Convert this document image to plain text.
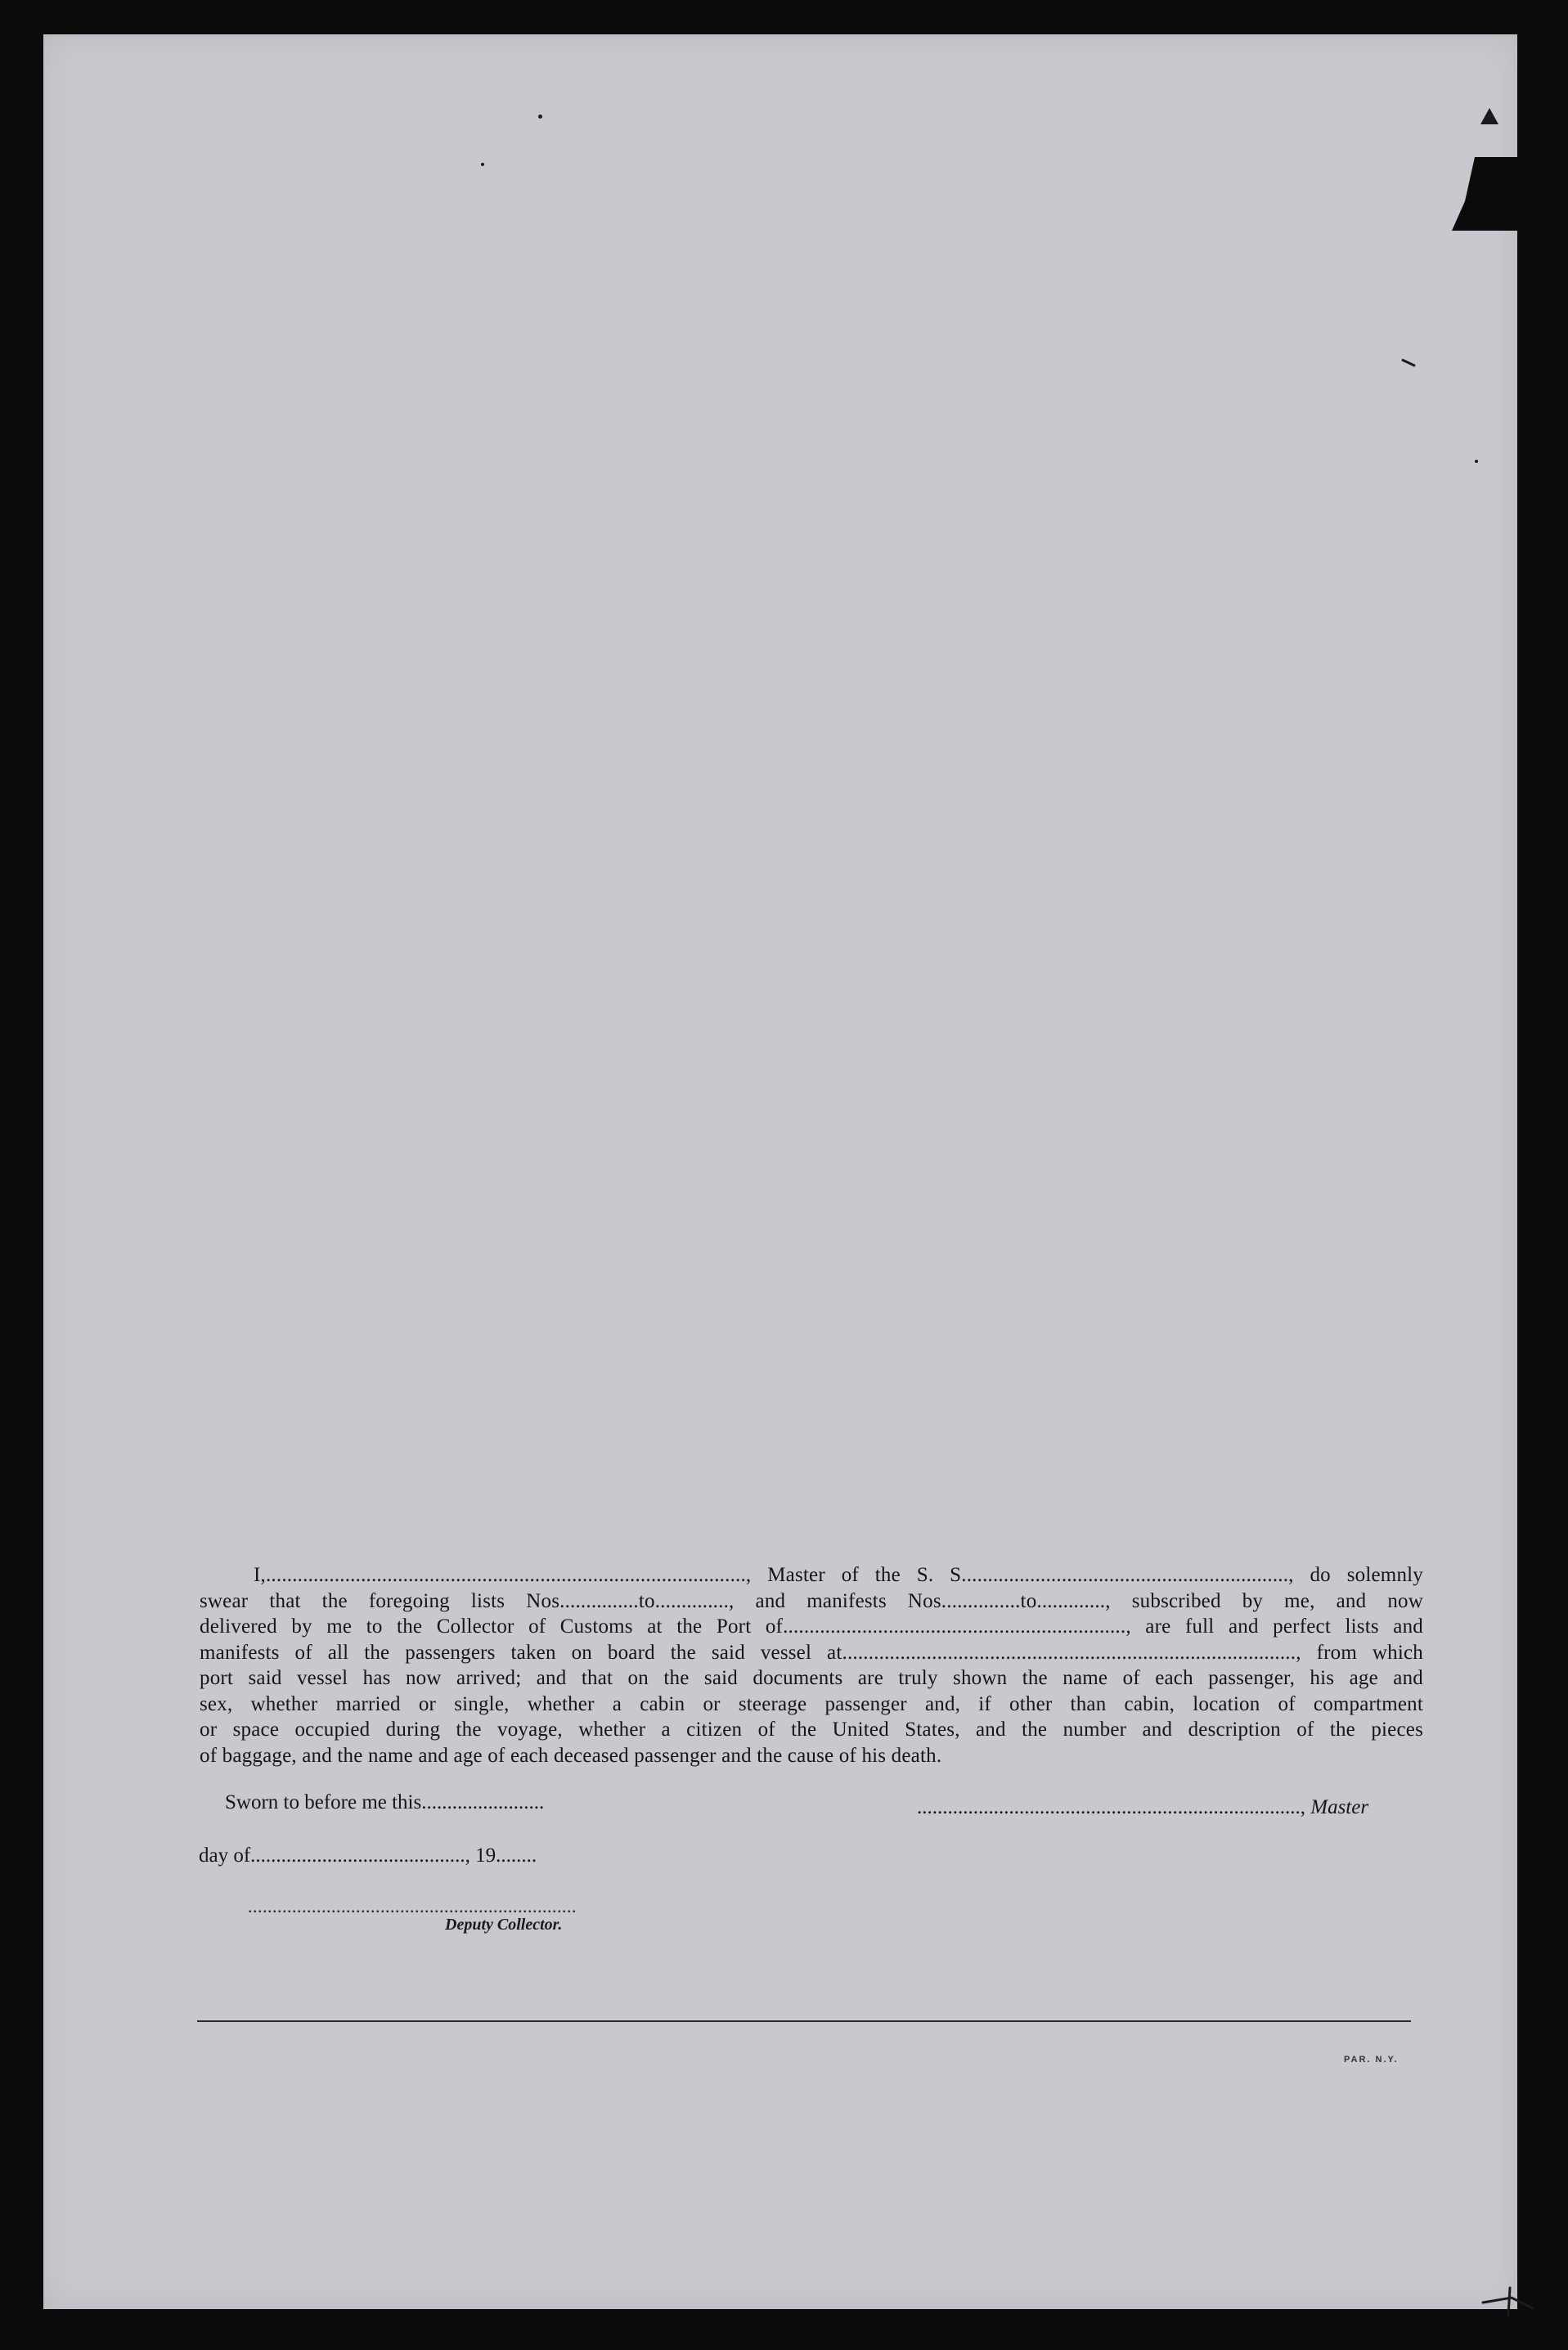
I,..........................................................................................., Master of the S. S.............................................................., do solemnly
swear that the foregoing lists Nos...............to.............., and manifests Nos...............to............., subscribed by me, and now
delivered by me to the Collector of Customs at the Port of................................................................., are full and perfect lists and
manifests of all the passengers taken on board the said vessel at......................................................................................, from which
port said vessel has now arrived; and that on the said documents are truly shown the name of each passenger, his age and
sex, whether married or single, whether a cabin or steerage passenger and, if other than cabin, location of compartment
or space occupied during the voyage, whether a citizen of the United States, and the number and description of the pieces
of baggage, and the name and age of each deceased passenger and the cause of his death.
Sworn to before me this........................	..........................................................................., Master
day of.........................................., 19........
...................................................................
Deputy Collector.
PAR. N.Y.
